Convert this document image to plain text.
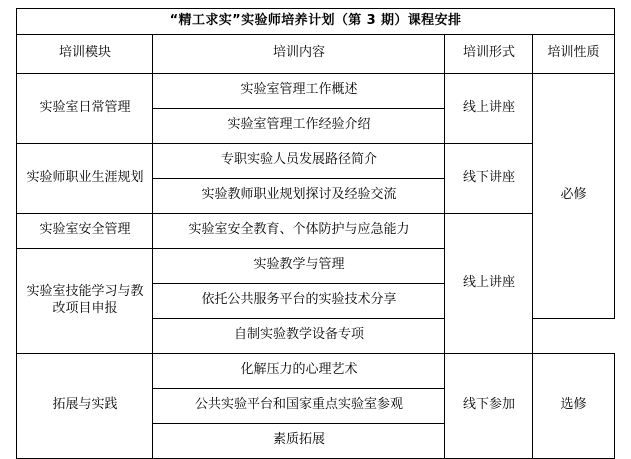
“精工求实”实验师培养计划（第 3 期）课程安排			
培训模块	培训内容	培训形式	培训性质
实验室日常管理	实验室管理工作概述	线上讲座	必修
	实验室管理工作经验介绍		
实验师职业生涯规划	专职实验人员发展路径简介	线下讲座	
	实验教师职业规划探讨及经验交流		
实验室安全管理	实验室安全教育、个体防护与应急能力	线上讲座	
实验室技能学习与教改项目申报	实验教学与管理		
	依托公共服务平台的实验技术分享		
	自制实验教学设备专项		
拓展与实践	化解压力的心理艺术	线下参加	选修
	公共实验平台和国家重点实验室参观		
	素质拓展		
